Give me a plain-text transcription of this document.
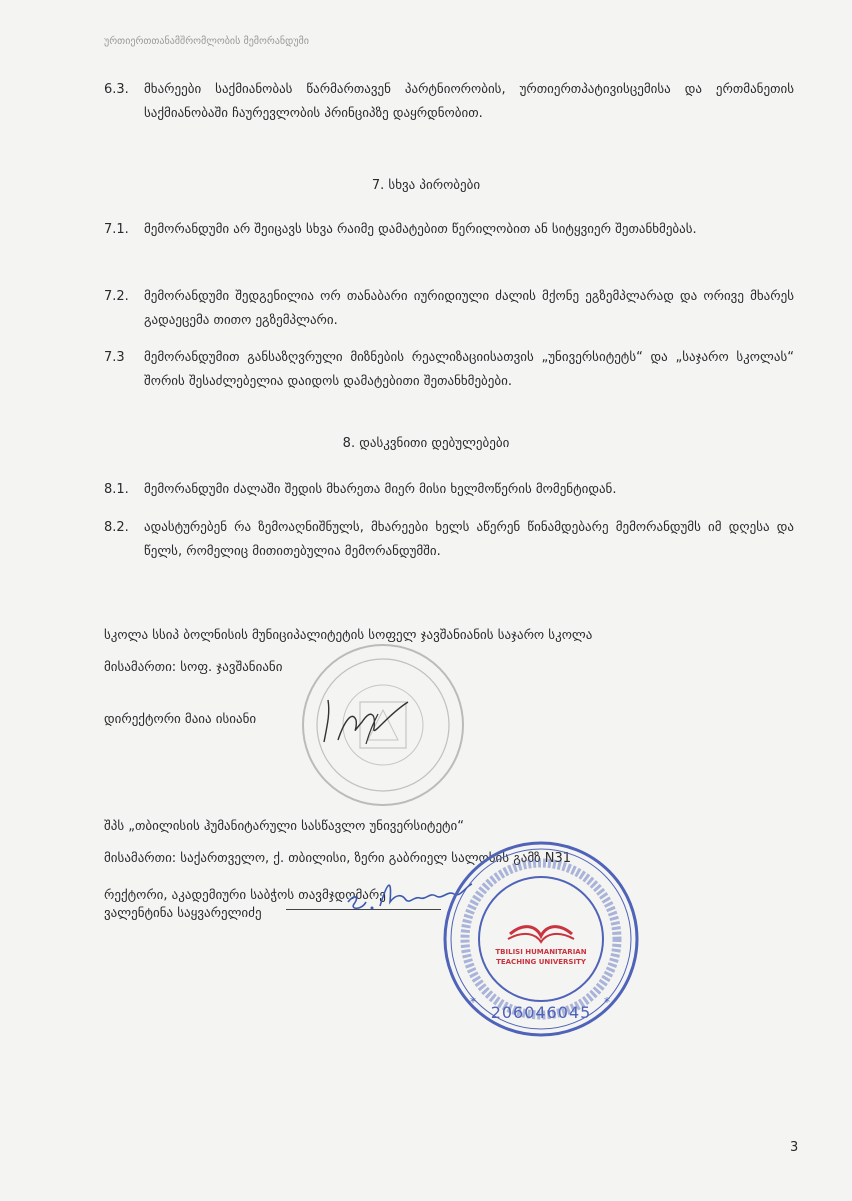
ურთიერთთანამშრომლობის მემორანდუმი
6.3. მხარეები საქმიანობას წარმართავენ პარტნიორობის, ურთიერთპატივისცემისა და ერთმანეთის საქმიანობაში ჩაურევლობის პრინციპზე დაყრდნობით.
7. სხვა პირობები
7.1. მემორანდუმი არ შეიცავს სხვა რაიმე დამატებით წერილობით ან სიტყვიერ შეთანხმებას.
7.2. მემორანდუმი შედგენილია ორ თანაბარი იურიდიული ძალის მქონე ეგზემპლარად და ორივე მხარეს გადაეცემა თითო ეგზემპლარი.
7.3 მემორანდუმით განსაზღვრული მიზნების რეალიზაციისათვის „უნივერსიტეტს“ და „საჯარო სკოლას“ შორის შესაძლებელია დაიდოს დამატებითი შეთანხმებები.
8. დასკვნითი დებულებები
8.1. მემორანდუმი ძალაში შედის მხარეთა მიერ მისი ხელმოწერის მომენტიდან.
8.2. ადასტურებენ რა ზემოაღნიშნულს, მხარეები ხელს აწერენ წინამდებარე მემორანდუმს იმ დღესა და წელს, რომელიც მითითებულია მემორანდუმში.
სკოლა სსიპ ბოლნისის მუნიციპალიტეტის სოფელ ჯავშანიანის საჯარო სკოლა
მისამართი: სოფ. ჯავშანიანი
დირექტორი მაია ისიანი
შპს „თბილისის ჰუმანიტარული სასწავლო უნივერსიტეტი“
მისამართი: საქართველო, ქ. თბილისი, ზერი გაბრიელ სალოსის გამზ N31
რექტორი, აკადემიური საბჭოს თავმჯდომარე
ვალენტინა საყვარელიძე
TBILISI HUMANITARIAN
TEACHING UNIVERSITY
206046045
*	*
3
